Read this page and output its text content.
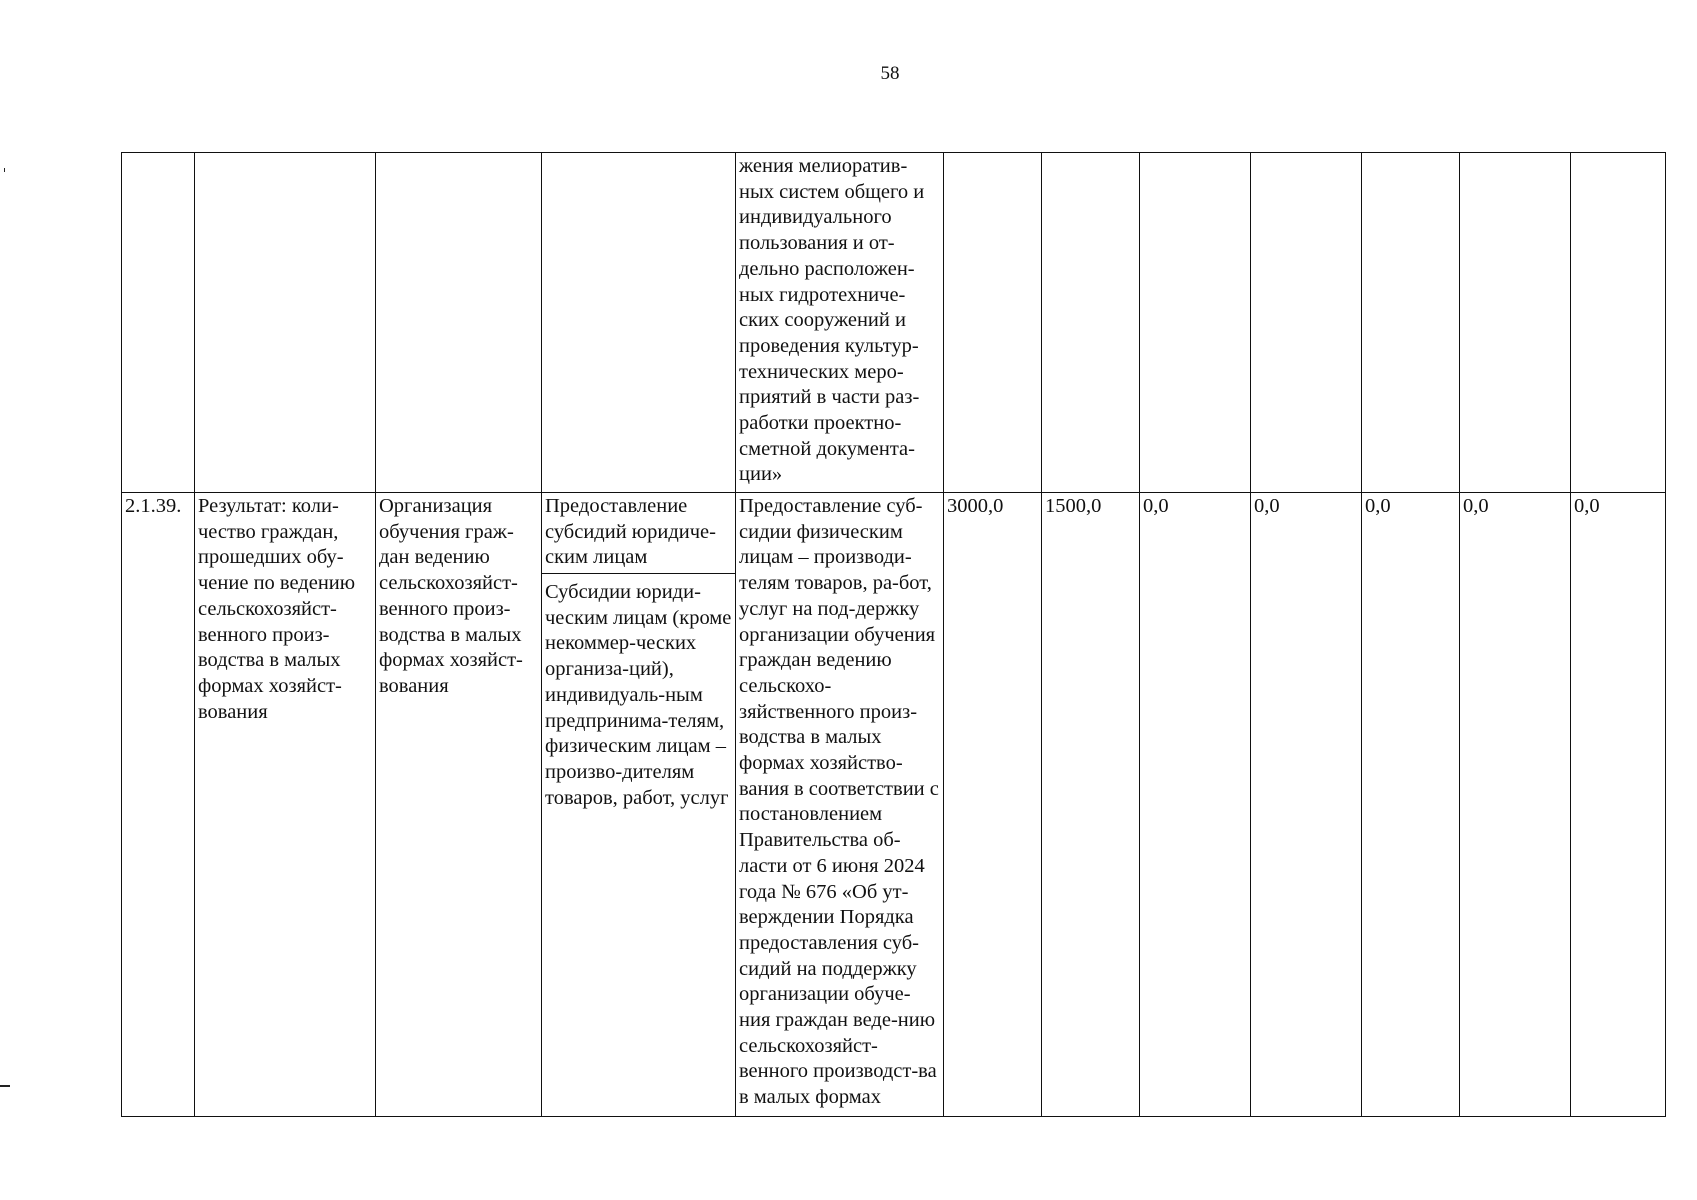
58

				жения мелиоратив-ных систем общего и индивидуального пользования и от-дельно расположен-ных гидротехниче-ских сооружений и проведения культур-технических меро-приятий в части раз-работки проектно-сметной документа-ции»							

2.1.39.	Результат: коли-чество граждан, прошедших обу-чение по ведению сельскохозяйст-венного произ-водства в малых формах хозяйст-вования	Организация обучения граж-дан ведению сельскохозяйст-венного произ-водства в малых формах хозяйст-вования	Предоставление субсидий юридиче-ским лицам
Субсидии юриди-ческим лицам (кроме некоммер-ческих организа-ций), индивидуаль-ным предпринима-телям, физическим лицам – произво-дителям товаров, работ, услуг	Предоставление суб-сидии физическим лицам – производи-телям товаров, ра-бот, услуг на под-держку организации обучения граждан ведению сельскохо-зяйственного произ-водства в малых формах хозяйство-вания в соответствии с постановлением Правительства об-ласти от 6 июня 2024 года № 676 «Об ут-верждении Порядка предоставления суб-сидий на поддержку организации обуче-ния граждан веде-нию сельскохозяйст-венного производст-ва в малых формах	3000,0	1500,0	0,0	0,0	0,0	0,0	0,0
